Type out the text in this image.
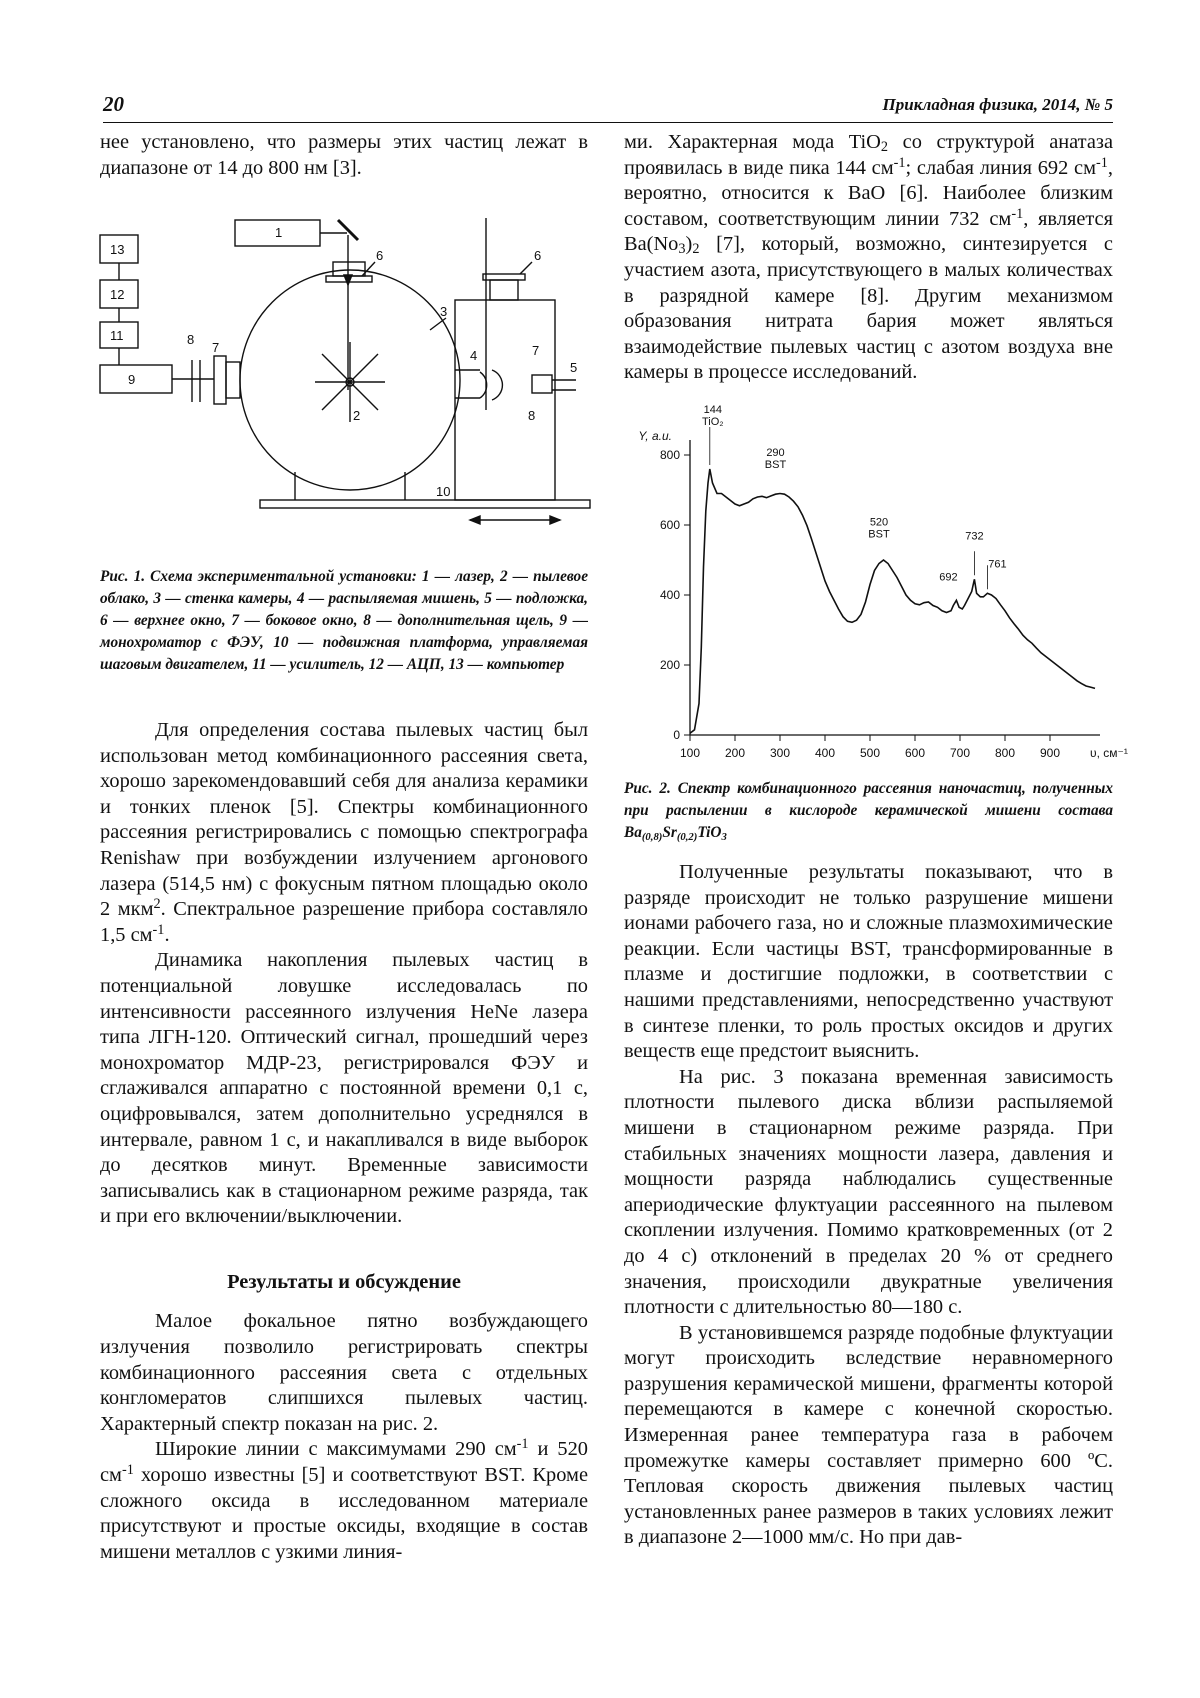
20	Прикладная физика, 2014, № 5

нее установлено, что размеры этих частиц лежат в диапазоне от 14 до 800 нм [3].

1
2
3
4
5
6	6
7	7
8
8
9
10
11
12
13
Рис. 1. Схема экспериментальной установки: 1 — лазер, 2 — пылевое облако, 3 — стенка камеры, 4 — распыляемая мишень, 5 — подложка, 6 — верхнее окно, 7 — боковое окно, 8 — дополнительная щель, 9 — монохроматор с ФЭУ, 10 — подвижная платформа, управляемая шаговым двигателем, 11 — усилитель, 12 — АЦП, 13 — компьютер

Для определения состава пылевых частиц был использован метод комбинационного рассеяния света, хорошо зарекомендовавший себя для анализа керамики и тонких пленок [5]. Спектры комбинационного рассеяния регистрировались с помощью спектрографа Renishaw при возбуждении излучением аргонового лазера (514,5 нм) с фокусным пятном площадью около 2 мкм$^2$. Спектральное разрешение прибора составляло 1,5 $см^{-1}$.

Динамика накопления пылевых частиц в потенциальной ловушке исследовалась по интенсивности рассеянного излучения HeNe лазера типа ЛГН-120. Оптический сигнал, прошедший через монохроматор МДР-23, регистрировался ФЭУ и сглаживался аппаратно с постоянной времени 0,1 с, оцифровывался, затем дополнительно усреднялся в интервале, равном 1 с, и накапливался в виде выборок до десятков минут. Временные зависимости записывались как в стационарном режиме разряда, так и при его включении/выключении.

Результаты и обсуждение

Малое фокальное пятно возбуждающего излучения позволило регистрировать спектры комбинационного рассеяния света с отдельных конгломератов слипшихся пылевых частиц. Характерный спектр показан на рис. 2.

Широкие линии с максимумами 290 $см^{-1}$ и 520 $см^{-1}$ хорошо известны [5] и соответствуют BST. Кроме сложного оксида в исследованном материале присутствуют и простые оксиды, входящие в состав мишени металлов с узкими линия-

ми. Характерная мода TiO$_2$ со структурой анатаза проявилась в виде пика 144 $см^{-1}$; слабая линия 692 $см^{-1}$, вероятно, относится к BaO [6]. Наиболее близким составом, соответствующим линии 732 $см^{-1}$, является $Ba(No_3)_2$ [7], который, возможно, синтезируется с участием азота, присутствующего в малых количествах в разрядной камере [8]. Другим механизмом образования нитрата бария может являться взаимодействие пылевых частиц с азотом воздуха вне камеры в процессе исследований.

0
200
400
600
800
100 200 300 400 500 600 700 800 900 υ, см⁻¹
Y, a.u.
144
TiO₂
290
BST
520
BST
692
732
761
Рис. 2. Спектр комбинационного рассеяния наночастиц, полученных при распылении в кислороде керамической мишени состава $Ba_{(0,8)}Sr_{(0,2)}TiO_3$

Полученные результаты показывают, что в разряде происходит не только разрушение мишени ионами рабочего газа, но и сложные плазмохимические реакции. Если частицы BST, трансформированные в плазме и достигшие подложки, в соответствии с нашими представлениями, непосредственно участвуют в синтезе пленки, то роль простых оксидов и других веществ еще предстоит выяснить.

На рис. 3 показана временная зависимость плотности пылевого диска вблизи распыляемой мишени в стационарном режиме разряда. При стабильных значениях мощности лазера, давления и мощности разряда наблюдались существенные апериодические флуктуации рассеянного на пылевом скоплении излучения. Помимо кратковременных (от 2 до 4 с) отклонений в пределах 20 % от среднего значения, происходили двукратные увеличения плотности с длительностью 80—180 с.

В установившемся разряде подобные флуктуации могут происходить вследствие неравномерного разрушения керамической мишени, фрагменты которой перемещаются в камере с конечной скоростью. Измеренная ранее температура газа в рабочем промежутке камеры составляет примерно 600 ºС. Тепловая скорость движения пылевых частиц установленных ранее размеров в таких условиях лежит в диапазоне 2—1000 мм/с. Но при дав-
